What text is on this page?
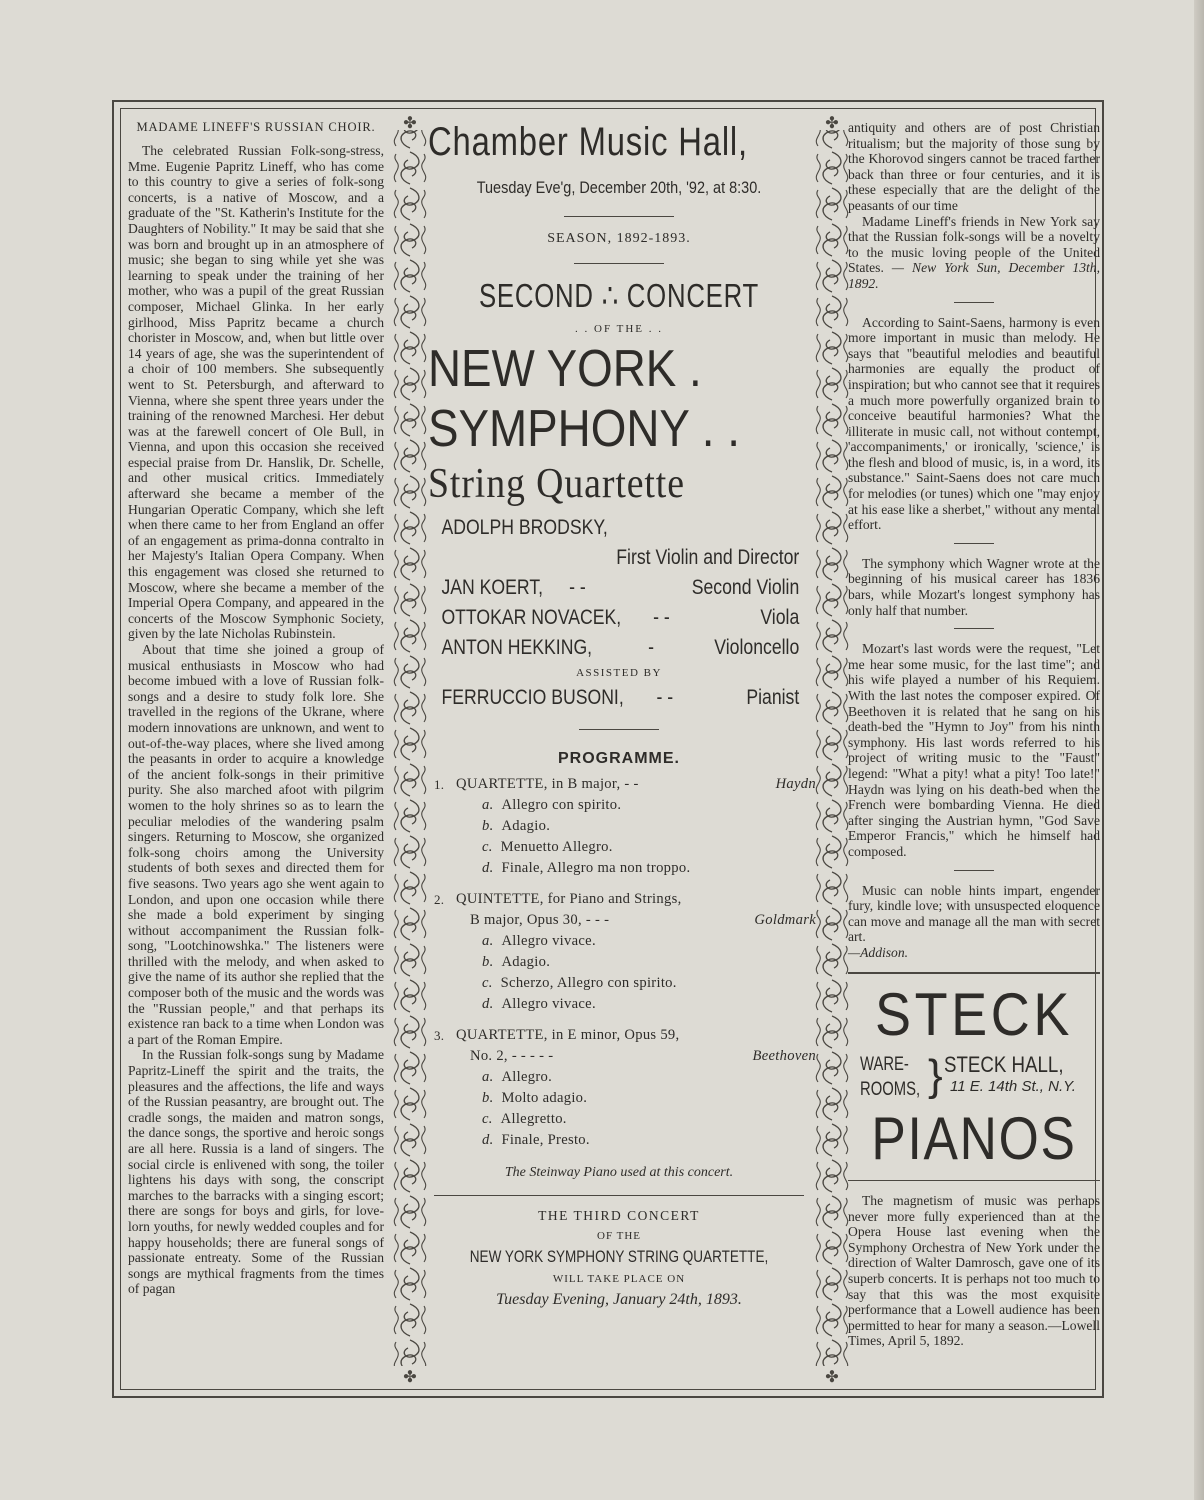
MADAME LINEFF'S RUSSIAN CHOIR.

The celebrated Russian Folk-song-stress, Mme. Eugenie Papritz Lineff, who has come to this country to give a series of folk-song concerts, is a native of Moscow, and a graduate of the "St. Katherin's Institute for the Daughters of Nobility." It may be said that she was born and brought up in an atmosphere of music; she began to sing while yet she was learning to speak under the training of her mother, who was a pupil of the great Russian composer, Michael Glinka. In her early girlhood, Miss Papritz became a church chorister in Moscow, and, when but little over 14 years of age, she was the superintendent of a choir of 100 members. She subsequently went to St. Petersburgh, and afterward to Vienna, where she spent three years under the training of the renowned Marchesi. Her debut was at the farewell concert of Ole Bull, in Vienna, and upon this occasion she received especial praise from Dr. Hanslik, Dr. Schelle, and other musical critics. Immediately afterward she became a member of the Hungarian Operatic Company, which she left when there came to her from England an offer of an engagement as prima-donna contralto in her Majesty's Italian Opera Company. When this engagement was closed she returned to Moscow, where she became a member of the Imperial Opera Company, and appeared in the concerts of the Moscow Symphonic Society, given by the late Nicholas Rubinstein.

About that time she joined a group of musical enthusiasts in Moscow who had become imbued with a love of Russian folk-songs and a desire to study folk lore. She travelled in the regions of the Ukrane, where modern innovations are unknown, and went to out-of-the-way places, where she lived among the peasants in order to acquire a knowledge of the ancient folk-songs in their primitive purity. She also marched afoot with pilgrim women to the holy shrines so as to learn the peculiar melodies of the wandering psalm singers. Returning to Moscow, she organized folk-song choirs among the University students of both sexes and directed them for five seasons. Two years ago she went again to London, and upon one occasion while there she made a bold experiment by singing without accompaniment the Russian folk-song, "Lootchinowshka." The listeners were thrilled with the melody, and when asked to give the name of its author she replied that the composer both of the music and the words was the "Russian people," and that perhaps its existence ran back to a time when London was a part of the Roman Empire.

In the Russian folk-songs sung by Madame Papritz-Lineff the spirit and the traits, the pleasures and the affections, the life and ways of the Russian peasantry, are brought out. The cradle songs, the maiden and matron songs, the dance songs, the sportive and heroic songs are all here. Russia is a land of singers. The social circle is enlivened with song, the toiler lightens his days with song, the conscript marches to the barracks with a singing escort; there are songs for boys and girls, for love-lorn youths, for newly wedded couples and for happy households; there are funeral songs of passionate entreaty. Some of the Russian songs are mythical fragments from the times of pagan

✤
✤
✤
✤
Chamber Music Hall,
Tuesday Eve'g, December 20th, '92, at 8:30.
SEASON, 1892-1893.
SECOND ∴ CONCERT
. . OF THE . .
NEW YORK .
SYMPHONY . .
String Quartette
ADOLPH BRODSKY,
First Violin and Director
JAN KOERT, - -	Second Violin
OTTOKAR NOVACEK, - -	Viola
ANTON HEKKING,	-	Violoncello
ASSISTED BY
FERRUCCIO BUSONI, - -	Pianist
PROGRAMME.
1. QUARTETTE, in B major, - -	Haydn
a.  Allegro con spirito.
b.  Adagio.
c.  Menuetto Allegro.
d.  Finale, Allegro ma non troppo.
2. QUINTETTE, for Piano and Strings,
B major, Opus 30, - - -	Goldmark
a.  Allegro vivace.
b.  Adagio.
c.  Scherzo, Allegro con spirito.
d.  Allegro vivace.
3. QUARTETTE, in E minor, Opus 59,
No. 2, - - - - -	Beethoven
a.  Allegro.
b.  Molto adagio.
c.  Allegretto.
d.  Finale, Presto.
The Steinway Piano used at this concert.
THE THIRD CONCERT
OF THE
NEW YORK SYMPHONY STRING QUARTETTE,
WILL TAKE PLACE ON
Tuesday Evening, January 24th, 1893.

antiquity and others are of post Christian ritualism; but the majority of those sung by the Khorovod singers cannot be traced farther back than three or four centuries, and it is these especially that are the delight of the peasants of our time

Madame Lineff's friends in New York say that the Russian folk-songs will be a novelty to the music loving people of the United States. — New York Sun, December 13th, 1892.

According to Saint-Saens, harmony is even more important in music than melody. He says that "beautiful melodies and beautiful harmonies are equally the product of inspiration; but who cannot see that it requires a much more powerfully organized brain to conceive beautiful harmonies? What the illiterate in music call, not without contempt, 'accompaniments,' or ironically, 'science,' is the flesh and blood of music, is, in a word, its substance." Saint-Saens does not care much for melodies (or tunes) which one "may enjoy at his ease like a sherbet," without any mental effort.

The symphony which Wagner wrote at the beginning of his musical career has 1836 bars, while Mozart's longest symphony has only half that number.

Mozart's last words were the request, "Let me hear some music, for the last time"; and his wife played a number of his Requiem. With the last notes the composer expired. Of Beethoven it is related that he sang on his death-bed the "Hymn to Joy" from his ninth symphony. His last words referred to his project of writing music to the "Faust" legend: "What a pity! what a pity! Too late!" Haydn was lying on his death-bed when the French were bombarding Vienna. He died after singing the Austrian hymn, "God Save Emperor Francis," which he himself had composed.

Music can noble hints impart, engender fury, kindle love; with unsuspected eloquence can move and manage all the man with secret art.
—Addison.

STECK
WARE-
ROOMS, } STECK HALL,
11 E. 14th St., N.Y.
PIANOS

The magnetism of music was perhaps never more fully experienced than at the Opera House last evening when the Symphony Orchestra of New York under the direction of Walter Damrosch, gave one of its superb concerts. It is perhaps not too much to say that this was the most exquisite performance that a Lowell audience has been permitted to hear for many a season.—Lowell Times, April 5, 1892.
